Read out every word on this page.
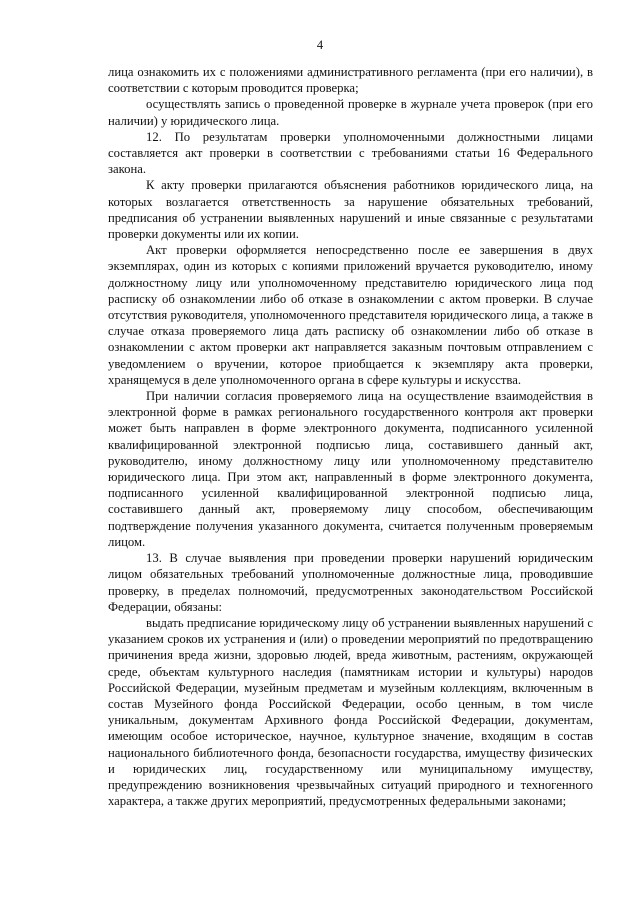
4

лица ознакомить их с положениями административного регламента (при его наличии), в соответствии с которым проводится проверка;

осуществлять запись о проведенной проверке в журнале учета проверок (при его наличии) у юридического лица.

12. По результатам проверки уполномоченными должностными лицами составляется акт проверки в соответствии с требованиями статьи 16 Федерального закона.

К акту проверки прилагаются объяснения работников юридического лица, на которых возлагается ответственность за нарушение обязательных требований, предписания об устранении выявленных нарушений и иные связанные с результатами проверки документы или их копии.

Акт проверки оформляется непосредственно после ее завершения в двух экземплярах, один из которых с копиями приложений вручается руководителю, иному должностному лицу или уполномоченному представителю юридического лица под расписку об ознакомлении либо об отказе в ознакомлении с актом проверки. В случае отсутствия руководителя, уполномоченного представителя юридического лица, а также в случае отказа проверяемого лица дать расписку об ознакомлении либо об отказе в ознакомлении с актом проверки акт направляется заказным почтовым отправлением с уведомлением о вручении, которое приобщается к экземпляру акта проверки, хранящемуся в деле уполномоченного органа в сфере культуры и искусства.

При наличии согласия проверяемого лица на осуществление взаимодействия в электронной форме в рамках регионального государственного контроля акт проверки может быть направлен в форме электронного документа, подписанного усиленной квалифицированной электронной подписью лица, составившего данный акт, руководителю, иному должностному лицу или уполномоченному представителю юридического лица. При этом акт, направленный в форме электронного документа, подписанного усиленной квалифицированной электронной подписью лица, составившего данный акт, проверяемому лицу способом, обеспечивающим подтверждение получения указанного документа, считается полученным проверяемым лицом.

13. В случае выявления при проведении проверки нарушений юридическим лицом обязательных требований уполномоченные должностные лица, проводившие проверку, в пределах полномочий, предусмотренных законодательством Российской Федерации, обязаны:

выдать предписание юридическому лицу об устранении выявленных нарушений с указанием сроков их устранения и (или) о проведении мероприятий по предотвращению причинения вреда жизни, здоровью людей, вреда животным, растениям, окружающей среде, объектам культурного наследия (памятникам истории и культуры) народов Российской Федерации, музейным предметам и музейным коллекциям, включенным в состав Музейного фонда Российской Федерации, особо ценным, в том числе уникальным, документам Архивного фонда Российской Федерации, документам, имеющим особое историческое, научное, культурное значение, входящим в состав национального библиотечного фонда, безопасности государства, имуществу физических и юридических лиц, государственному или муниципальному имуществу, предупреждению возникновения чрезвычайных ситуаций природного и техногенного характера, а также других мероприятий, предусмотренных федеральными законами;
